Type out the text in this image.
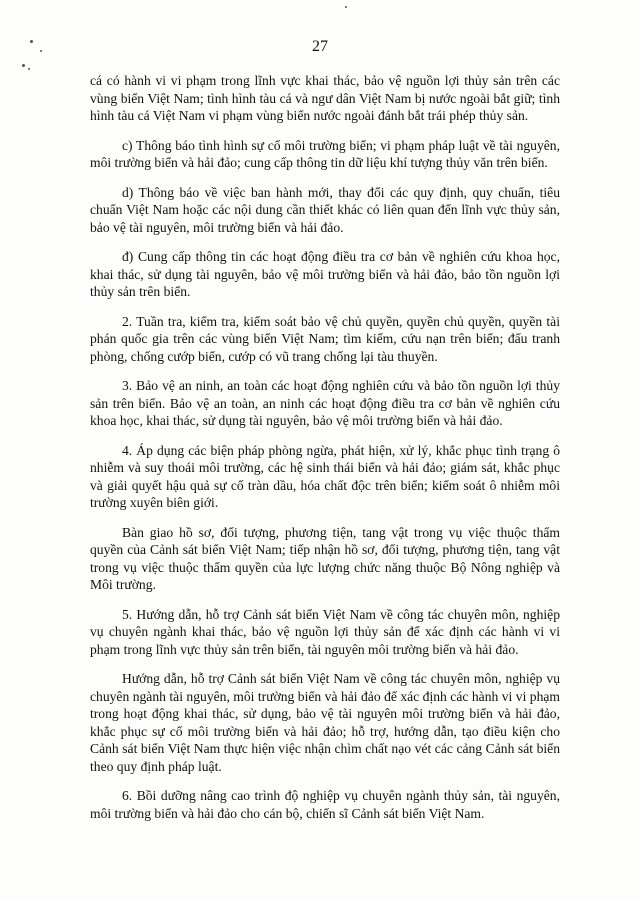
27

cá có hành vi vi phạm trong lĩnh vực khai thác, bảo vệ nguồn lợi thủy sản trên các vùng biển Việt Nam; tình hình tàu cá và ngư dân Việt Nam bị nước ngoài bắt giữ; tình hình tàu cá Việt Nam vi phạm vùng biển nước ngoài đánh bắt trái phép thủy sản.

c) Thông báo tình hình sự cố môi trường biển; vi phạm pháp luật về tài nguyên, môi trường biển và hải đảo; cung cấp thông tin dữ liệu khí tượng thủy văn trên biển.

d) Thông báo về việc ban hành mới, thay đổi các quy định, quy chuẩn, tiêu chuẩn Việt Nam hoặc các nội dung cần thiết khác có liên quan đến lĩnh vực thủy sản, bảo vệ tài nguyên, môi trường biển và hải đảo.

đ) Cung cấp thông tin các hoạt động điều tra cơ bản về nghiên cứu khoa học, khai thác, sử dụng tài nguyên, bảo vệ môi trường biển và hải đảo, bảo tồn nguồn lợi thủy sản trên biển.

2. Tuần tra, kiểm tra, kiểm soát bảo vệ chủ quyền, quyền chủ quyền, quyền tài phán quốc gia trên các vùng biển Việt Nam; tìm kiếm, cứu nạn trên biển; đấu tranh phòng, chống cướp biển, cướp có vũ trang chống lại tàu thuyền.

3. Bảo vệ an ninh, an toàn các hoạt động nghiên cứu và bảo tồn nguồn lợi thủy sản trên biển. Bảo vệ an toàn, an ninh các hoạt động điều tra cơ bản về nghiên cứu khoa học, khai thác, sử dụng tài nguyên, bảo vệ môi trường biển và hải đảo.

4. Áp dụng các biện pháp phòng ngừa, phát hiện, xử lý, khắc phục tình trạng ô nhiễm và suy thoái môi trường, các hệ sinh thái biển và hải đảo; giám sát, khắc phục và giải quyết hậu quả sự cố tràn dầu, hóa chất độc trên biển; kiểm soát ô nhiễm môi trường xuyên biên giới.

Bàn giao hồ sơ, đối tượng, phương tiện, tang vật trong vụ việc thuộc thẩm quyền của Cảnh sát biển Việt Nam; tiếp nhận hồ sơ, đối tượng, phương tiện, tang vật trong vụ việc thuộc thẩm quyền của lực lượng chức năng thuộc Bộ Nông nghiệp và Môi trường.

5. Hướng dẫn, hỗ trợ Cảnh sát biển Việt Nam về công tác chuyên môn, nghiệp vụ chuyên ngành khai thác, bảo vệ nguồn lợi thủy sản để xác định các hành vi vi phạm trong lĩnh vực thủy sản trên biển, tài nguyên môi trường biển và hải đảo.

Hướng dẫn, hỗ trợ Cảnh sát biển Việt Nam về công tác chuyên môn, nghiệp vụ chuyên ngành tài nguyên, môi trường biển và hải đảo để xác định các hành vi vi phạm trong hoạt động khai thác, sử dụng, bảo vệ tài nguyên môi trường biển và hải đảo, khắc phục sự cố môi trường biển và hải đảo; hỗ trợ, hướng dẫn, tạo điều kiện cho Cảnh sát biển Việt Nam thực hiện việc nhận chìm chất nạo vét các cảng Cảnh sát biển theo quy định pháp luật.

6. Bồi dưỡng nâng cao trình độ nghiệp vụ chuyên ngành thủy sản, tài nguyên, môi trường biển và hải đảo cho cán bộ, chiến sĩ Cảnh sát biển Việt Nam.
